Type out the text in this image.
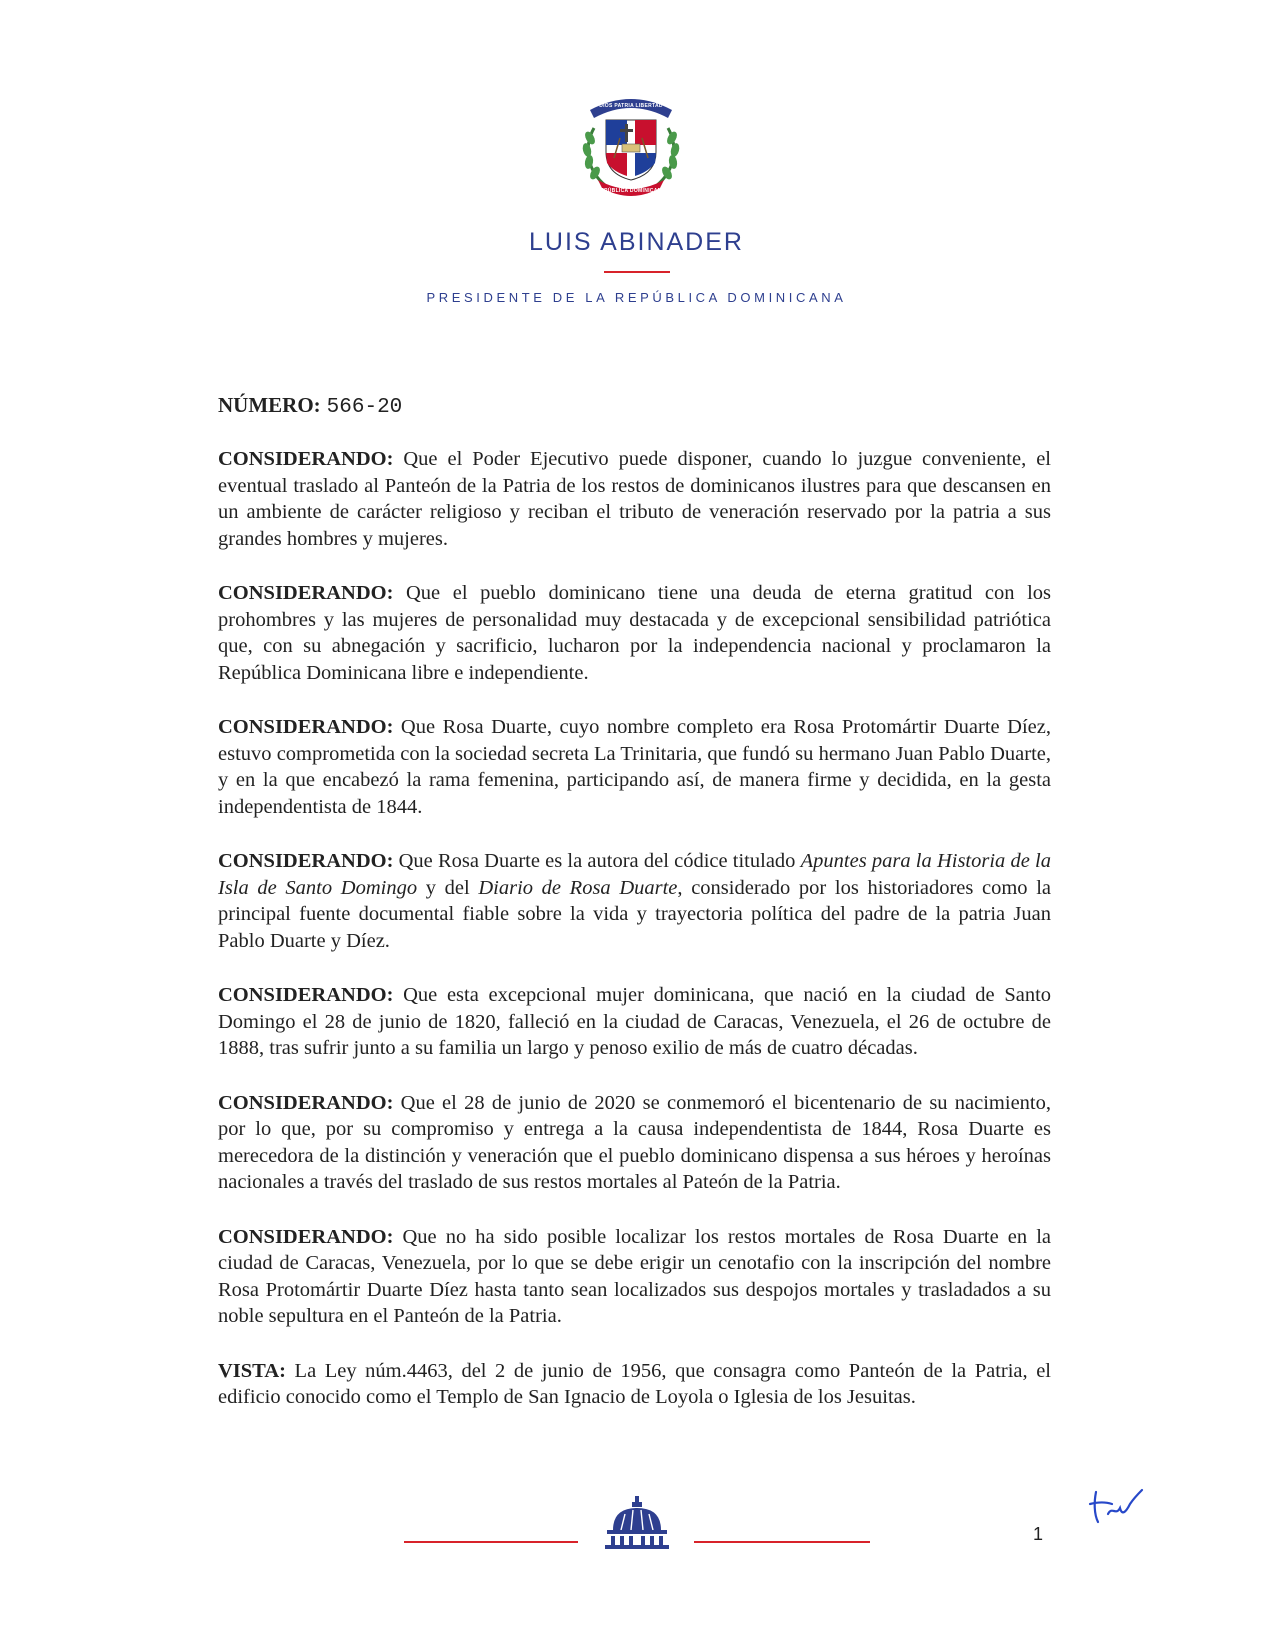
DIOS PATRIA LIBERTAD
REPÚBLICA DOMINICANA
LUIS ABINADER
PRESIDENTE DE LA REPÚBLICA DOMINICANA
NÚMERO: 566-20

CONSIDERANDO: Que el Poder Ejecutivo puede disponer, cuando lo juzgue conveniente, el eventual traslado al Panteón de la Patria de los restos de dominicanos ilustres para que descansen en un ambiente de carácter religioso y reciban el tributo de veneración reservado por la patria a sus grandes hombres y mujeres.

CONSIDERANDO: Que el pueblo dominicano tiene una deuda de eterna gratitud con los prohombres y las mujeres de personalidad muy destacada y de excepcional sensibilidad patriótica que, con su abnegación y sacrificio, lucharon por la independencia nacional y proclamaron la República Dominicana libre e independiente.

CONSIDERANDO: Que Rosa Duarte, cuyo nombre completo era Rosa Protomártir Duarte Díez, estuvo comprometida con la sociedad secreta La Trinitaria, que fundó su hermano Juan Pablo Duarte, y en la que encabezó la rama femenina, participando así, de manera firme y decidida, en la gesta independentista de 1844.

CONSIDERANDO: Que Rosa Duarte es la autora del códice titulado Apuntes para la Historia de la Isla de Santo Domingo y del Diario de Rosa Duarte, considerado por los historiadores como la principal fuente documental fiable sobre la vida y trayectoria política del padre de la patria Juan Pablo Duarte y Díez.

CONSIDERANDO: Que esta excepcional mujer dominicana, que nació en la ciudad de Santo Domingo el 28 de junio de 1820, falleció en la ciudad de Caracas, Venezuela, el 26 de octubre de 1888, tras sufrir junto a su familia un largo y penoso exilio de más de cuatro décadas.

CONSIDERANDO: Que el 28 de junio de 2020 se conmemoró el bicentenario de su nacimiento, por lo que, por su compromiso y entrega a la causa independentista de 1844, Rosa Duarte es merecedora de la distinción y veneración que el pueblo dominicano dispensa a sus héroes y heroínas nacionales a través del traslado de sus restos mortales al Pateón de la Patria.

CONSIDERANDO: Que no ha sido posible localizar los restos mortales de Rosa Duarte en la ciudad de Caracas, Venezuela, por lo que se debe erigir un cenotafio con la inscripción del nombre Rosa Protomártir Duarte Díez hasta tanto sean localizados sus despojos mortales y trasladados a su noble sepultura en el Panteón de la Patria.

VISTA: La Ley núm.4463, del 2 de junio de 1956, que consagra como Panteón de la Patria, el edificio conocido como el Templo de San Ignacio de Loyola o Iglesia de los Jesuitas.

1
